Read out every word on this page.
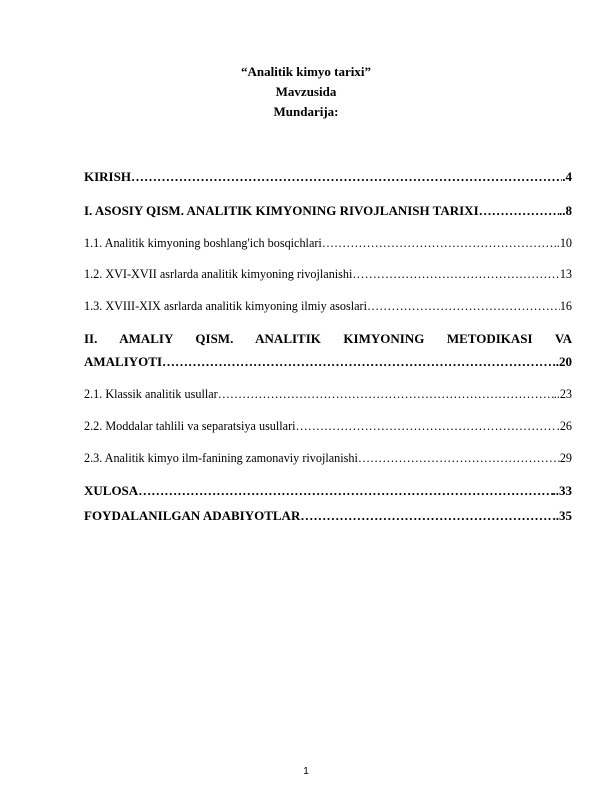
“Analitik kimyo tarixi”
Mavzusida
Mundarija:
KIRISH ………………………………………………………………………………………………………………………………………………………………………………………………………………	.4
I. ASOSIY QISM. ANALITIK KIMYONING RIVOJLANISH TARIXI ………………………………………………………………………………………………………………………………………………………………………………………………………………	..8
1.1. Analitik kimyoning boshlang'ich bosqichlari ………………………………………………………………………………………………………………………………………………………………………………………………………………	..10
1.2. XVI-XVII asrlarda analitik kimyoning rivojlanishi ………………………………………………………………………………………………………………………………………………………………………………………………………………	13
1.3. XVIII-XIX asrlarda analitik kimyoning ilmiy asoslari ………………………………………………………………………………………………………………………………………………………………………………………………………………	16
II. AMALIY QISM. ANALITIK KIMYONING METODIKASI VA
AMALIYOTI ………………………………………………………………………………………………………………………………………………………………………………………………………………	.20
2.1. Klassik analitik usullar ………………………………………………………………………………………………………………………………………………………………………………………………………………	..23
2.2. Moddalar tahlili va separatsiya usullari ………………………………………………………………………………………………………………………………………………………………………………………………………………	.26
2.3. Analitik kimyo ilm-fanining zamonaviy rivojlanishi ………………………………………………………………………………………………………………………………………………………………………………………………………………	29
XULOSA ………………………………………………………………………………………………………………………………………………………………………………………………………………	..33
FOYDALANILGAN ADABIYOTLAR ………………………………………………………………………………………………………………………………………………………………………………………………………………	..35
1
